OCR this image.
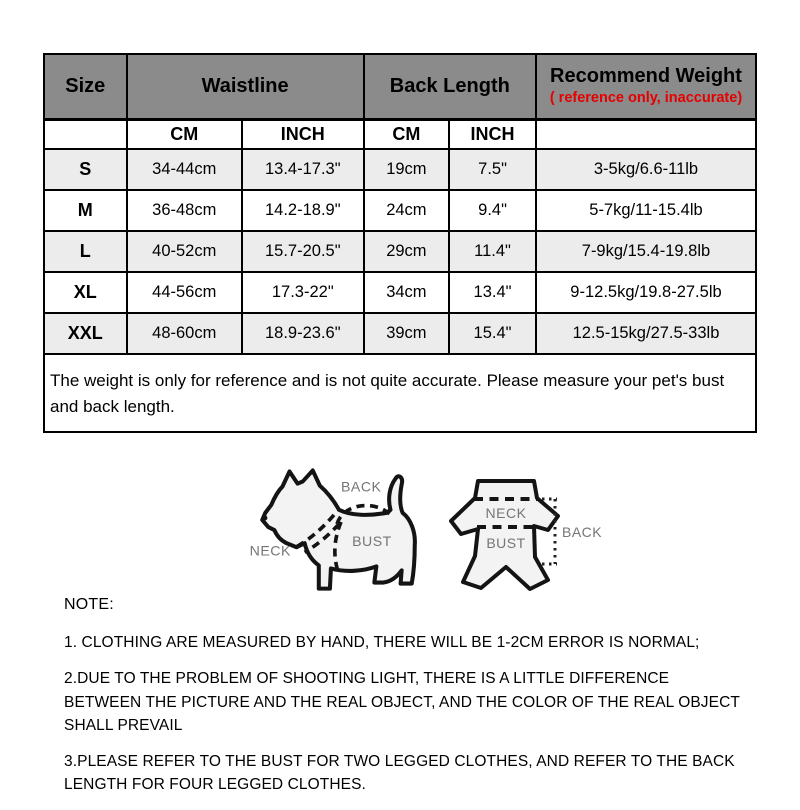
Size	Waistline		Back Length		Recommend Weight
( reference only, inaccurate)

	CM	INCH	CM	INCH	
S	34-44cm	13.4-17.3"	19cm	7.5"	3-5kg/6.6-11lb
M	36-48cm	14.2-18.9"	24cm	9.4"	5-7kg/11-15.4lb
L	40-52cm	15.7-20.5"	29cm	11.4"	7-9kg/15.4-19.8lb
XL	44-56cm	17.3-22"	34cm	13.4"	9-12.5kg/19.8-27.5lb
XXL	48-60cm	18.9-23.6"	39cm	15.4"	12.5-15kg/27.5-33lb
The weight is only for reference and is not quite accurate. Please measure your pet's bust and back length.
BACK
NECK
BUST
NECK
BUST
BACK
NOTE:
1. CLOTHING ARE MEASURED BY HAND, THERE WILL BE 1-2CM ERROR IS NORMAL;
2.DUE TO THE PROBLEM OF SHOOTING LIGHT, THERE IS A LITTLE DIFFERENCE BETWEEN THE PICTURE AND THE REAL OBJECT, AND THE COLOR OF THE REAL OBJECT SHALL PREVAIL
3.PLEASE REFER TO THE BUST FOR TWO LEGGED CLOTHES, AND REFER TO THE BACK LENGTH FOR FOUR LEGGED CLOTHES.
